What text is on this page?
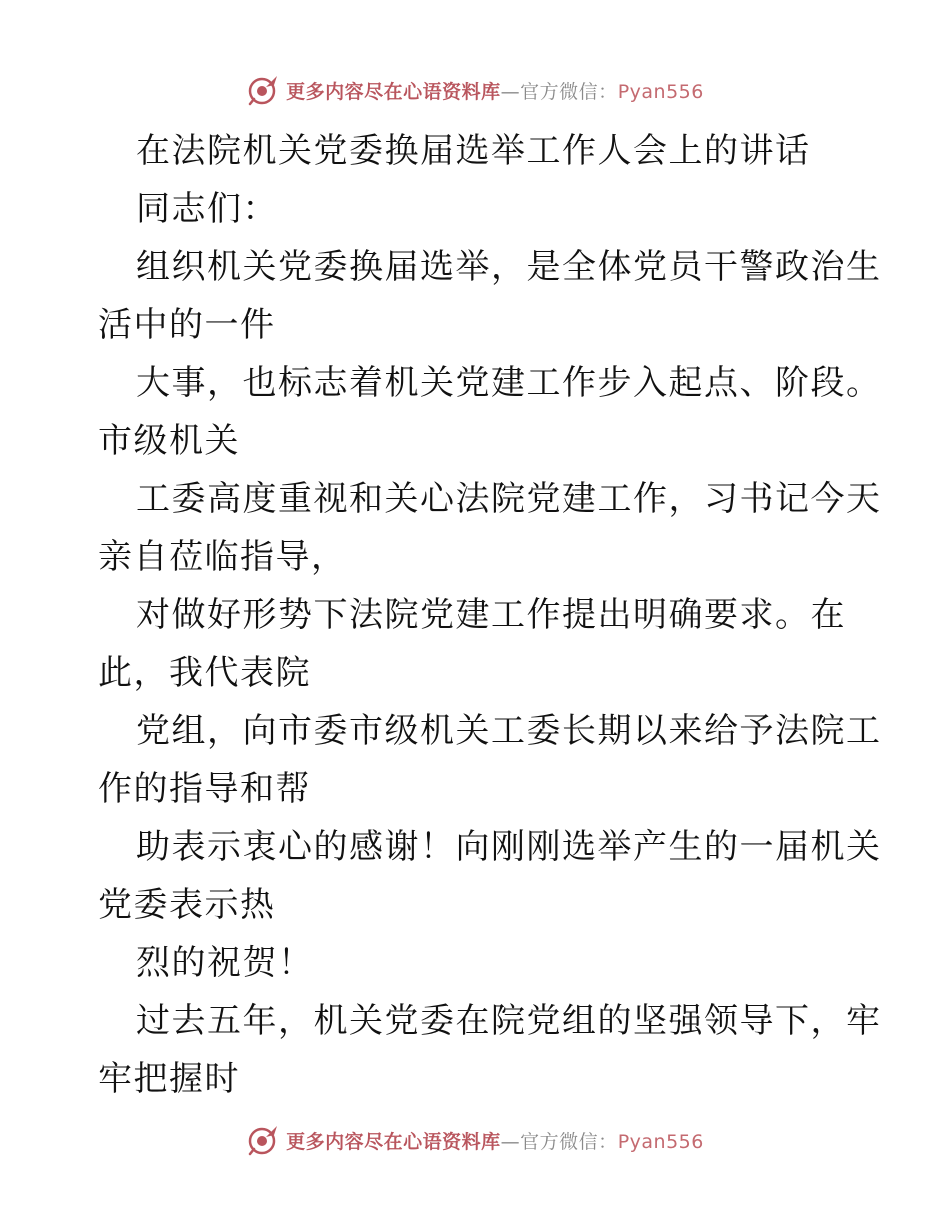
更多内容尽在心语资料库—官方微信：Pyan556
在法院机关党委换届选举工作人会上的讲话
同志们：
组织机关党委换届选举，是全体党员干警政治生
活中的一件
大事，也标志着机关党建工作步入起点、阶段。
市级机关
工委高度重视和关心法院党建工作，习书记今天
亲自莅临指导，
对做好形势下法院党建工作提出明确要求。在
此，我代表院
党组，向市委市级机关工委长期以来给予法院工
作的指导和帮
助表示衷心的感谢！向刚刚选举产生的一届机关
党委表示热
烈的祝贺！
过去五年，机关党委在院党组的坚强领导下，牢
牢把握时
更多内容尽在心语资料库—官方微信：Pyan556
